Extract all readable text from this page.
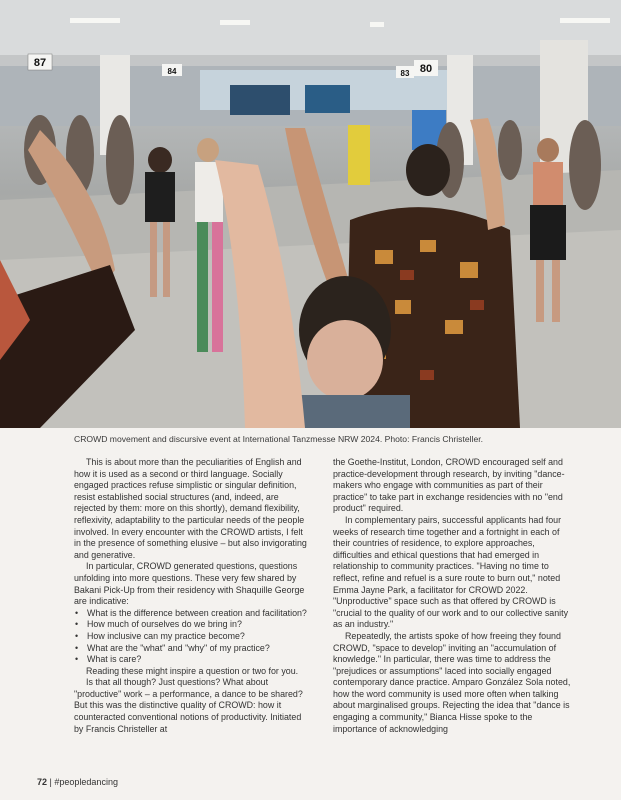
87
84	83 80
CROWD movement and discursive event at International Tanzmesse NRW 2024. Photo: Francis Christeller.

This is about more than the peculiarities of English and how it is used as a second or third language. Socially engaged practices refuse simplistic or singular definition, resist established social structures (and, indeed, are rejected by them: more on this shortly), demand flexibility, reflexivity, adaptability to the particular needs of the people involved. In every encounter with the CROWD artists, I felt in the presence of something elusive – but also invigorating and generative.

In particular, CROWD generated questions, questions unfolding into more questions. These very few shared by Bakani Pick-Up from their residency with Shaquille George are indicative:

• What is the difference between creation and facilitation?
• How much of ourselves do we bring in?
• How inclusive can my practice become?
• What are the "what" and "why" of my practice?
• What is care?

Reading these might inspire a question or two for you.

Is that all though? Just questions? What about "productive" work – a performance, a dance to be shared? But this was the distinctive quality of CROWD: how it counteracted conventional notions of productivity. Initiated by Francis Christeller at

the Goethe-Institut, London, CROWD encouraged self and practice-development through research, by inviting "dance-makers who engage with communities as part of their practice" to take part in exchange residencies with no "end product" required.

In complementary pairs, successful applicants had four weeks of research time together and a fortnight in each of their countries of residence, to explore approaches, difficulties and ethical questions that had emerged in relationship to community practices. "Having no time to reflect, refine and refuel is a sure route to burn out," noted Emma Jayne Park, a facilitator for CROWD 2022. "Unproductive" space such as that offered by CROWD is "crucial to the quality of our work and to our collective sanity as an industry."

Repeatedly, the artists spoke of how freeing they found CROWD, "space to develop" inviting an "accumulation of knowledge." In particular, there was time to address the "prejudices or assumptions" laced into socially engaged contemporary dance practice. Amparo González Sola noted, how the word community is used more often when talking about marginalised groups. Rejecting the idea that "dance is engaging a community," Bianca Hisse spoke to the importance of acknowledging

72 | #peopledancing
